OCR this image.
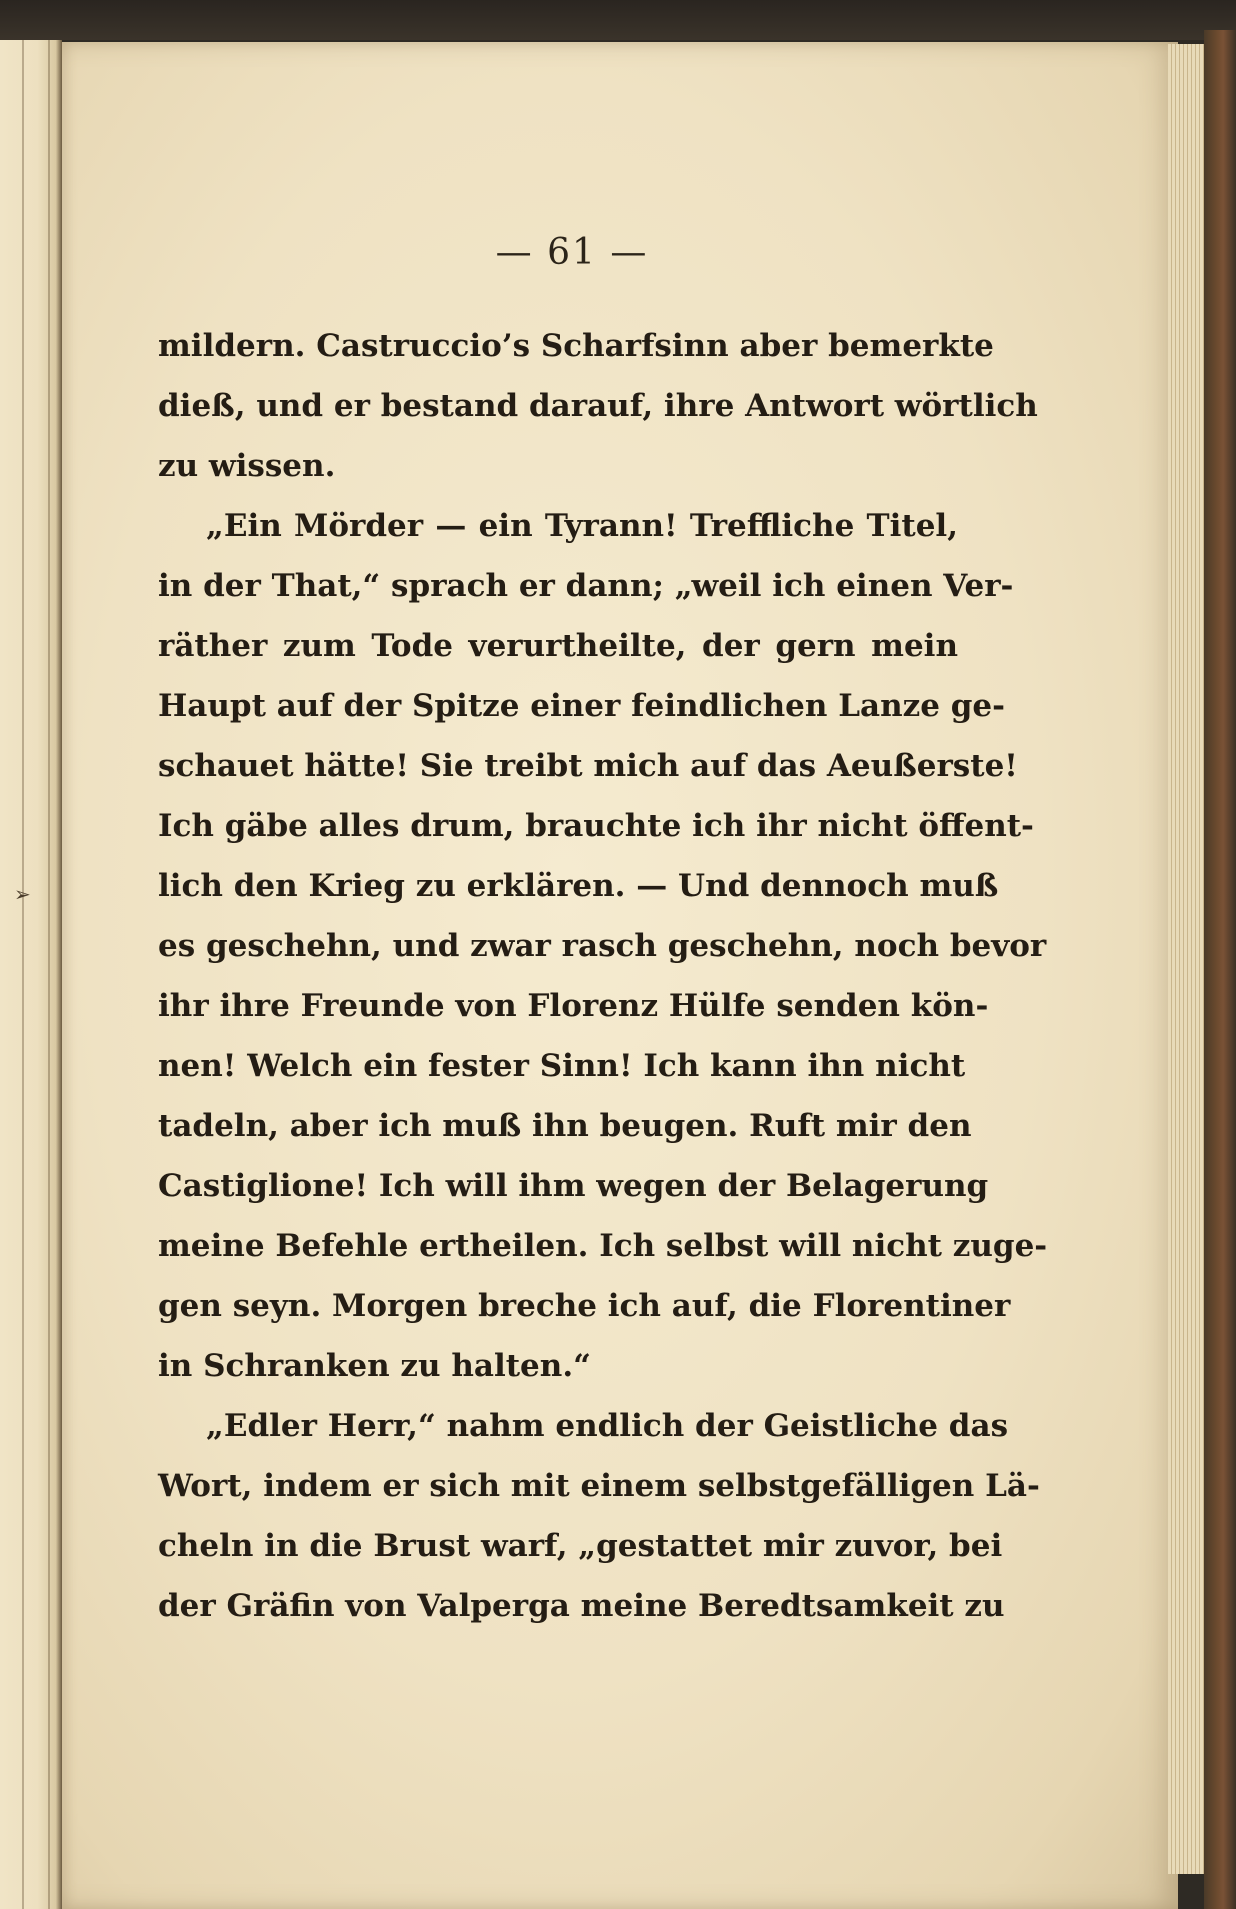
➢
— 61 —
mildern. Castruccio’s Scharfsinn aber bemerkte
dieß, und er bestand darauf, ihre Antwort wörtlich
zu wissen.
„Ein Mörder — ein Tyrann! Treffliche Titel,
in der That,“ sprach er dann; „weil ich einen Ver-
räther zum Tode verurtheilte, der gern mein
Haupt auf der Spitze einer feindlichen Lanze ge-
schauet hätte! Sie treibt mich auf das Aeußerste!
Ich gäbe alles drum, brauchte ich ihr nicht öffent-
lich den Krieg zu erklären. — Und dennoch muß
es geschehn, und zwar rasch geschehn, noch bevor
ihr ihre Freunde von Florenz Hülfe senden kön-
nen! Welch ein fester Sinn! Ich kann ihn nicht
tadeln, aber ich muß ihn beugen. Ruft mir den
Castiglione! Ich will ihm wegen der Belagerung
meine Befehle ertheilen. Ich selbst will nicht zuge-
gen seyn. Morgen breche ich auf, die Florentiner
in Schranken zu halten.“
„Edler Herr,“ nahm endlich der Geistliche das
Wort, indem er sich mit einem selbstgefälligen Lä-
cheln in die Brust warf, „gestattet mir zuvor, bei
der Gräfin von Valperga meine Beredtsamkeit zu
